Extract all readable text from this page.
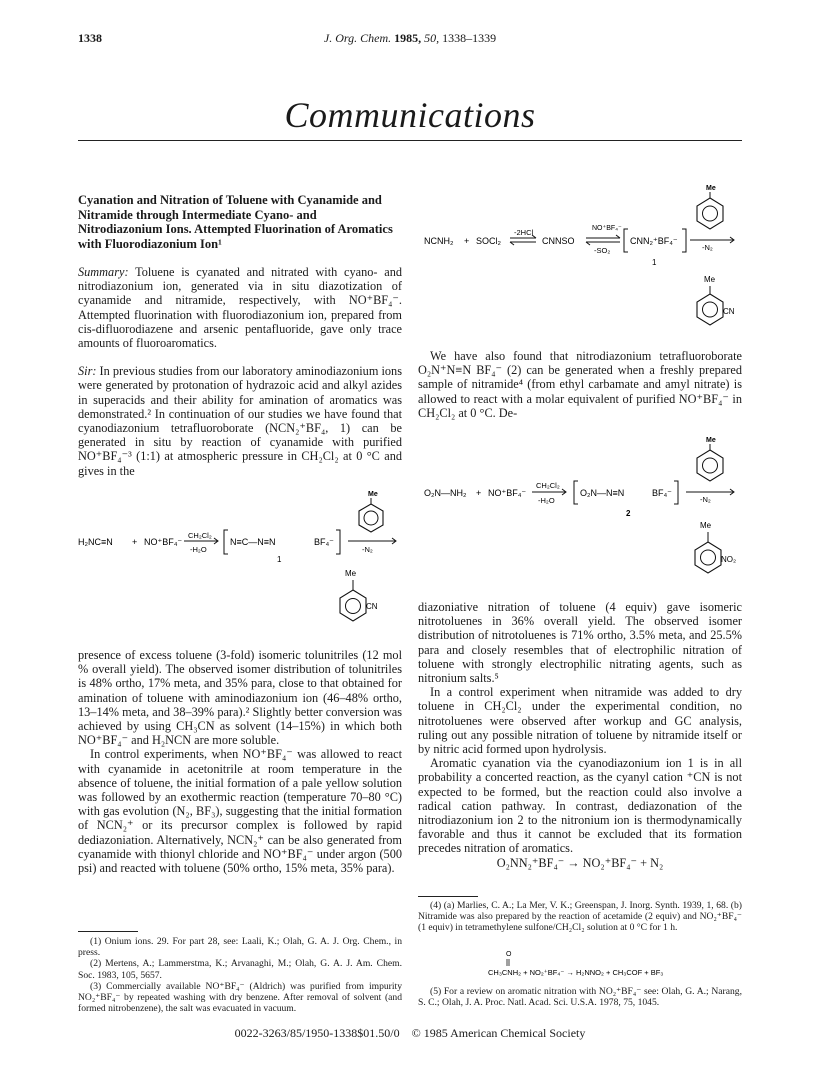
1338	J. Org. Chem. 1985, 50, 1338–1339
Communications

Cyanation and Nitration of Toluene with Cyanamide and Nitramide through Intermediate Cyano- and Nitrodiazonium Ions. Attempted Fluorination of Aromatics with Fluorodiazonium Ion¹

Summary: Toluene is cyanated and nitrated with cyano- and nitrodiazonium ion, generated via in situ diazotization of cyanamide and nitramide, respectively, with NO⁺BF₄⁻. Attempted fluorination with fluorodiazonium ion, prepared from cis-difluorodiazene and arsenic pentafluoride, gave only trace amounts of fluoroaromatics.

Sir: In previous studies from our laboratory aminodiazonium ions were generated by protonation of hydrazoic acid and alkyl azides in superacids and their ability for amination of aromatics was demonstrated.² In continuation of our studies we have found that cyanodiazonium tetrafluoroborate (NCN₂⁺BF₄, 1) can be generated in situ by reaction of cyanamide with purified NO⁺BF₄⁻³ (1:1) at atmospheric pressure in CH₂Cl₂ at 0 °C and gives in the

Me
H₂NC≡N + NO⁺BF₄⁻
CH₂Cl₂
-H₂O
N≡C—N≡N	BF₄⁻
-N₂
1
Me
CN

presence of excess toluene (3-fold) isomeric tolunitriles (12 mol % overall yield). The observed isomer distribution of tolunitriles is 48% ortho, 17% meta, and 35% para, close to that obtained for amination of toluene with aminodiazonium ion (46–48% ortho, 13–14% meta, and 38–39% para).² Slightly better conversion was achieved by using CH₃CN as solvent (14–15%) in which both NO⁺BF₄⁻ and H₂NCN are more soluble.

In control experiments, when NO⁺BF₄⁻ was allowed to react with cyanamide in acetonitrile at room temperature in the absence of toluene, the initial formation of a pale yellow solution was followed by an exothermic reaction (temperature 70–80 °C) with gas evolution (N₂, BF₃), suggesting that the initial formation of NCN₂⁺ or its precursor complex is followed by rapid dediazoniation. Alternatively, NCN₂⁺ can be also generated from cyanamide with thionyl chloride and NO⁺BF₄⁻ under argon (500 psi) and reacted with toluene (50% ortho, 15% meta, 35% para).

(1) Onium ions. 29. For part 28, see: Laali, K.; Olah, G. A. J. Org. Chem., in press.

(2) Mertens, A.; Lammerstma, K.; Arvanaghi, M.; Olah, G. A. J. Am. Chem. Soc. 1983, 105, 5657.

(3) Commercially available NO⁺BF₄⁻ (Aldrich) was purified from impurity NO₂⁺BF₄⁻ by repeated washing with dry benzene. After removal of solvent (and formed nitrobenzene), the salt was evacuated in vacuum.

Me
NCNH₂ + SOCl₂
-2HCl
CNNSO
NO⁺BF₄⁻
-SO₂
CNN₂⁺BF₄⁻
-N₂
1
Me
CN

We have also found that nitrodiazonium tetrafluoroborate O₂N⁺N≡N BF₄⁻ (2) can be generated when a freshly prepared sample of nitramide⁴ (from ethyl carbamate and amyl nitrate) is allowed to react with a molar equivalent of purified NO⁺BF₄⁻ in CH₂Cl₂ at 0 °C. De-

Me
O₂N—NH₂ + NO⁺BF₄⁻
CH₂Cl₂
-H₂O
O₂N—N≡N	BF₄⁻
-N₂
2
Me
NO₂

diazoniative nitration of toluene (4 equiv) gave isomeric nitrotoluenes in 36% overall yield. The observed isomer distribution of nitrotoluenes is 71% ortho, 3.5% meta, and 25.5% para and closely resembles that of electrophilic nitration of toluene with strongly electrophilic nitrating agents, such as nitronium salts.⁵

In a control experiment when nitramide was added to dry toluene in CH₂Cl₂ under the experimental condition, no nitrotoluenes were observed after workup and GC analysis, ruling out any possible nitration of toluene by nitramide itself or by nitric acid formed upon hydrolysis.

Aromatic cyanation via the cyanodiazonium ion 1 is in all probability a concerted reaction, as the cyanyl cation ⁺CN is not expected to be formed, but the reaction could also involve a radical cation pathway. In contrast, dediazonation of the nitrodiazonium ion 2 to the nitronium ion is thermodynamically favorable and thus it cannot be excluded that its formation precedes nitration of aromatics.

O₂NN₂⁺BF₄⁻ → NO₂⁺BF₄⁻ + N₂

(4) (a) Marlies, C. A.; La Mer, V. K.; Greenspan, J. Inorg. Synth. 1939, 1, 68. (b) Nitramide was also prepared by the reaction of acetamide (2 equiv) and NO₂⁺BF₄⁻ (1 equiv) in tetramethylene sulfone/CH₂Cl₂ solution at 0 °C for 1 h.

O
CH₃CNH₂ + NO₂⁺BF₄⁻ → H₂NNO₂ + CH₃COF + BF₃

(5) For a review on aromatic nitration with NO₂⁺BF₄⁻ see: Olah, G. A.; Narang, S. C.; Olah, J. A. Proc. Natl. Acad. Sci. U.S.A. 1978, 75, 1045.

0022-3263/85/1950-1338$01.50/0 © 1985 American Chemical Society
